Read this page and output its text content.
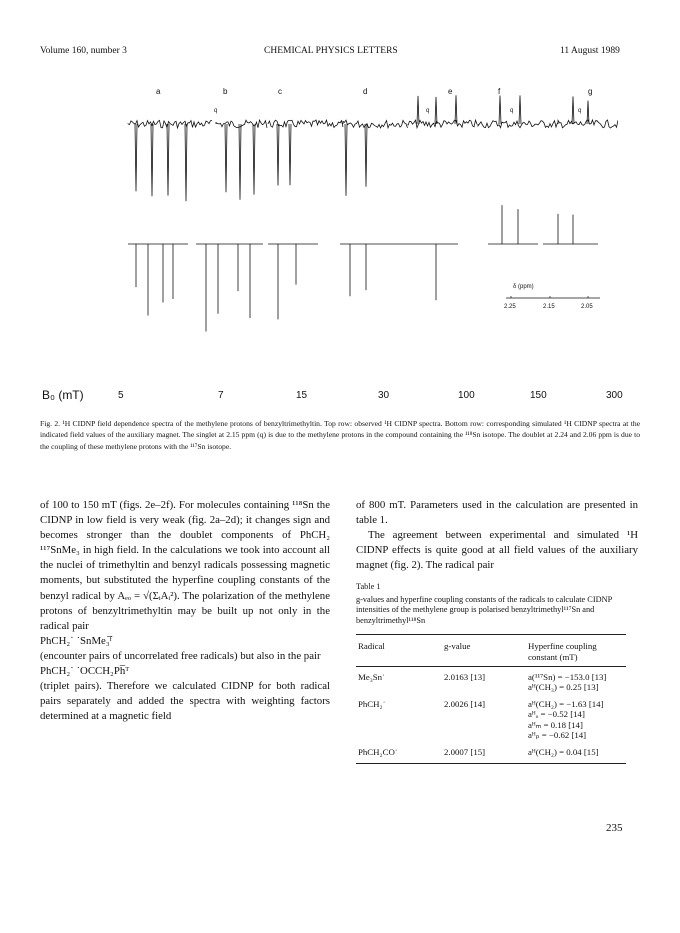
Volume 160, number 3	CHEMICAL PHYSICS LETTERS	11 August 1989
a	b	c	d	e	f	g
q	q	q
q
δ (ppm)
2.25	2.15	2.05
B₀ (mT)	5	7	15	30	100	150	300
Fig. 2. ¹H CIDNP field dependence spectra of the methylene protons of benzyltrimethyltin. Top row: observed ¹H CIDNP spectra. Bottom row: corresponding simulated ¹H CIDNP spectra at the indicated field values of the auxiliary magnet. The singlet at 2.15 ppm (q) is due to the methylene protons in the compound containing the ¹¹⁸Sn isotope. The doublet at 2.24 and 2.06 ppm is due to the coupling of these methylene protons with the ¹¹⁷Sn isotope.

of 100 to 150 mT (figs. 2e–2f). For molecules containing ¹¹⁸Sn the CIDNP in low field is very weak (fig. 2a–2d); it changes sign and becomes stronger than the doublet components of PhCH₂ ¹¹⁷SnMe₃ in high field. In the calculations we took into account all the nuclei of trimethyltin and benzyl radicals possessing magnetic moments, but substituted the hyperfine coupling constants of the benzyl radical by Aₑₒ = √(ΣᵢAᵢ²). The polarization of the methylene protons of benzyltrimethyltin may be built up not only in the radical pair

PhCH₂˙ ˙SnMe₃̅ᶠ

(encounter pairs of uncorrelated free radicals) but also in the pair

PhCH₂˙ ˙OCCH₂Ph̅ᵀ

(triplet pairs). Therefore we calculated CIDNP for both radical pairs separately and added the spectra with weighting factors determined at a magnetic field

of 800 mT. Parameters used in the calculation are presented in table 1.

The agreement between experimental and simulated ¹H CIDNP effects is quite good at all field values of the auxiliary magnet (fig. 2). The radical pair

Table 1
g-values and hyperfine coupling constants of the radicals to calculate CIDNP intensities of the methylene group is polarised benzyltrimethyl¹¹⁷Sn and benzyltrimethyl¹¹⁸Sn
Radical	g-value	Hyperfine coupling constant (mT)
Me₃Sn˙	2.0163 [13]	a(¹¹⁷Sn) = −153.0 [13]
aᴴ(CH₃) = 0.25 [13]

PhCH₂˙	2.0026 [14]	aᴴ(CH₂) = −1.63 [14]
aᴴₒ = −0.52 [14]
aᴴₘ = 0.18 [14]
aᴴₚ = −0.62 [14]

PhCH₂CO˙	2.0007 [15]	aᴴ(CH₂) = 0.04 [15]

235
